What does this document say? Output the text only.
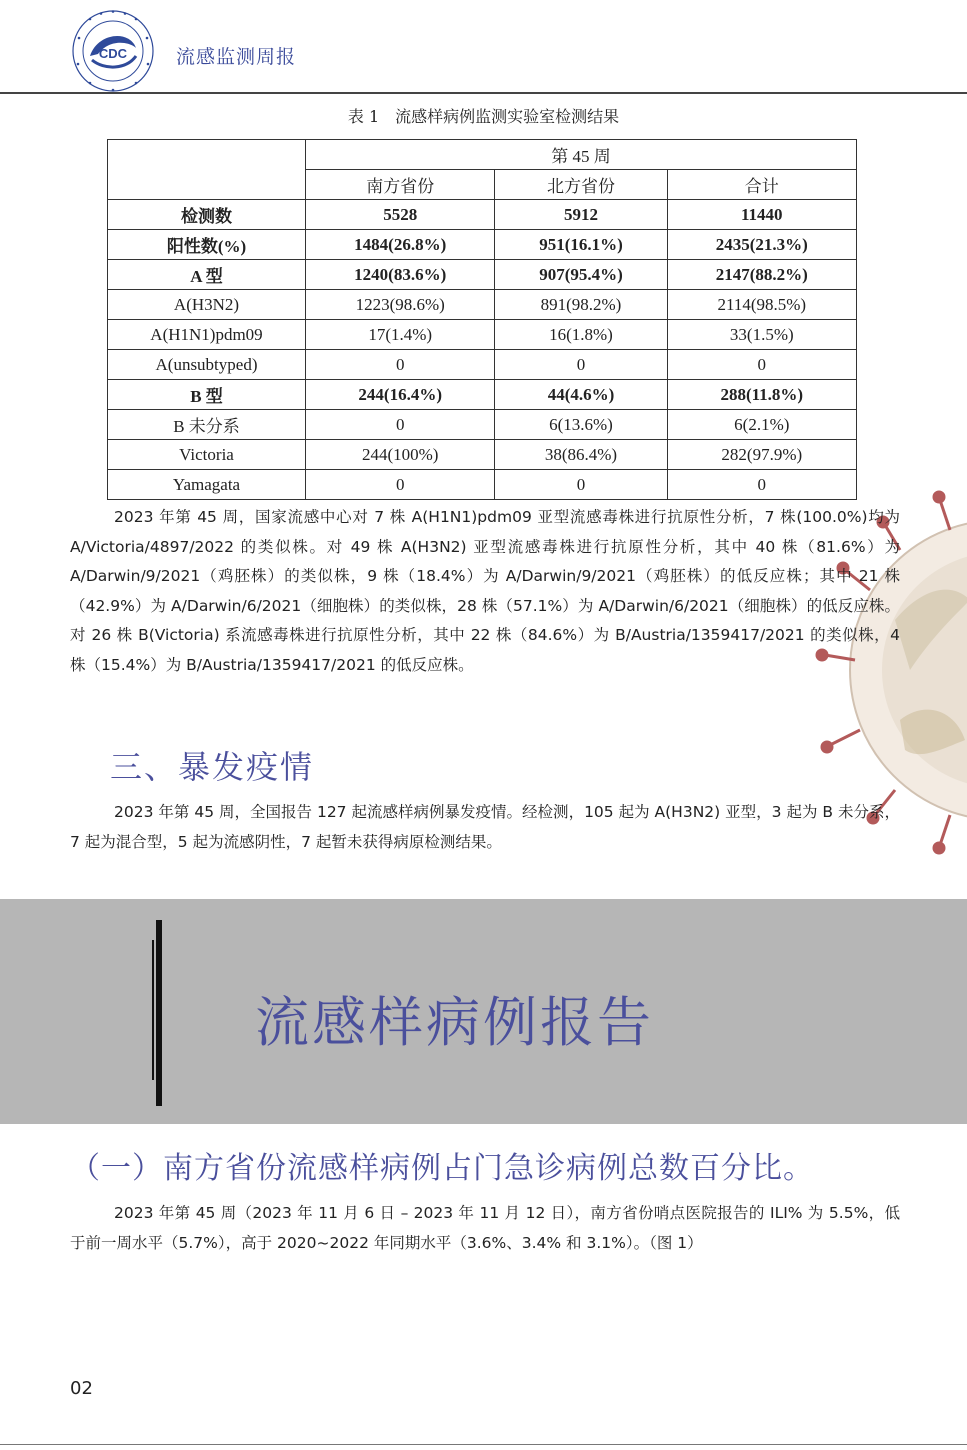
CDC	流感监测周报
表 1　流感样病例监测实验室检测结果
	第 45 周		
	南方省份	北方省份	合计
检测数	5528	5912	11440
阳性数(%)	1484(26.8%)	951(16.1%)	2435(21.3%)
A 型	1240(83.6%)	907(95.4%)	2147(88.2%)
A(H3N2)	1223(98.6%)	891(98.2%)	2114(98.5%)
A(H1N1)pdm09	17(1.4%)	16(1.8%)	33(1.5%)
A(unsubtyped)	0	0	0
B 型	244(16.4%)	44(4.6%)	288(11.8%)
B 未分系	0	6(13.6%)	6(2.1%)
Victoria	244(100%)	38(86.4%)	282(97.9%)
Yamagata	0	0	0
2023 年第 45 周，国家流感中心对 7 株 A(H1N1)pdm09 亚型流感毒株进行抗原性分析，7 株(100.0%)均为 A/Victoria/4897/2022 的类似株。对 49 株 A(H3N2) 亚型流感毒株进行抗原性分析，其中 40 株（81.6%）为 A/Darwin/9/2021（鸡胚株）的类似株，9 株（18.4%）为 A/Darwin/9/2021（鸡胚株）的低反应株；其中 21 株（42.9%）为 A/Darwin/6/2021（细胞株）的类似株，28 株（57.1%）为 A/Darwin/6/2021（细胞株）的低反应株。对 26 株 B(Victoria) 系流感毒株进行抗原性分析，其中 22 株（84.6%）为 B/Austria/1359417/2021 的类似株，4 株（15.4%）为 B/Austria/1359417/2021 的低反应株。
三、暴发疫情
2023 年第 45 周，全国报告 127 起流感样病例暴发疫情。经检测，105 起为 A(H3N2) 亚型，3 起为 B 未分系，7 起为混合型，5 起为流感阴性，7 起暂未获得病原检测结果。
流感样病例报告
（一）南方省份流感样病例占门急诊病例总数百分比。
2023 年第 45 周（2023 年 11 月 6 日 – 2023 年 11 月 12 日），南方省份哨点医院报告的 ILI% 为 5.5%，低于前一周水平（5.7%），高于 2020~2022 年同期水平（3.6%、3.4% 和 3.1%）。（图 1）
02
